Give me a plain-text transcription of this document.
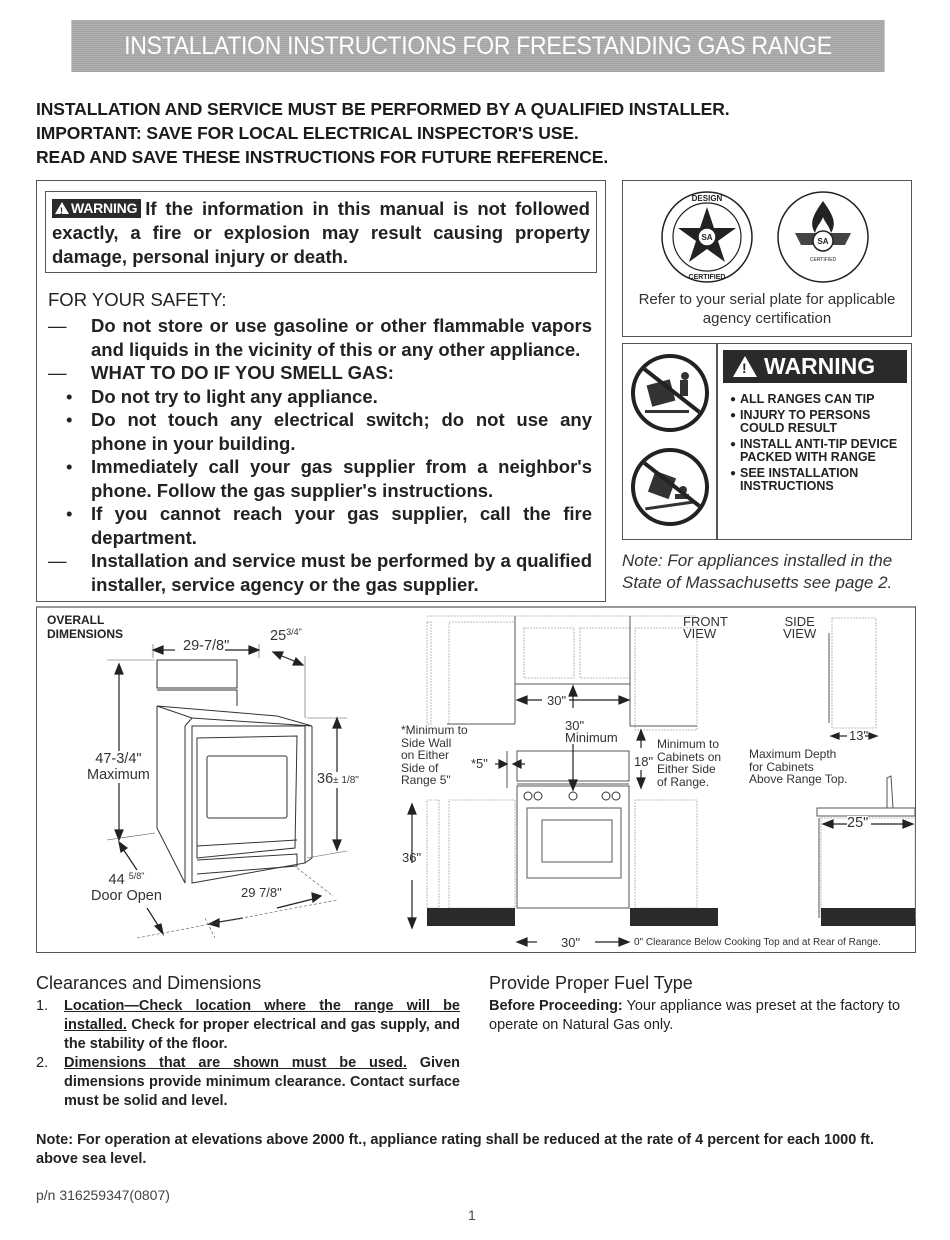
INSTALLATION INSTRUCTIONS FOR FREESTANDING GAS RANGE
INSTALLATION AND SERVICE MUST BE PERFORMED BY A QUALIFIED INSTALLER.
IMPORTANT: SAVE FOR LOCAL ELECTRICAL INSPECTOR'S USE.
READ AND SAVE THESE INSTRUCTIONS FOR FUTURE REFERENCE.
!WARNING If the information in this manual is not followed exactly, a fire or explosion may result causing property damage, personal injury or death.
FOR YOUR SAFETY:
—	Do not store or use gasoline or other flammable vapors and liquids in the vicinity of this or any other appliance.
—	WHAT TO DO IF YOU SMELL GAS:
•	Do not try to light any appliance.
•	Do not touch any electrical switch; do not use any phone in your building.
•	Immediately call your gas supplier from a neighbor's phone. Follow the gas supplier's instructions.
•	If you cannot reach your gas supplier, call the fire department.
—	Installation and service must be performed by a qualified installer, service agency or the gas supplier.
SA
DESIGN
CERTIFIED
SA
CERTIFIED
Refer to your serial plate for applicable agency certification
!
WARNING
● ALL RANGES CAN TIP
● INJURY TO PERSONS COULD RESULT
● INSTALL ANTI-TIP DEVICE PACKED WITH RANGE
● SEE INSTALLATION INSTRUCTIONS
Note: For appliances installed in the State of Massachusetts see page 2.
OVERALL
DIMENSIONS
29-7/8"
$25^{3/4"}$
47-3/4"
Maximum	36± 1/8"
44 $^{5/8"}$
Door Open	29 7/8"
FRONT
VIEW
30"
30"
Minimum
*Minimum to
Side Wall
on Either
Side of
Range 5"
*5"	18"
Minimum to
Cabinets on
Either Side
of Range.
36"
30"	0" Clearance Below Cooking Top and at Rear of Range.
SIDE
VIEW
13"
Maximum Depth
for Cabinets
Above Range Top.
25"
Clearances and Dimensions
1.	Location—Check location where the range will be installed. Check for proper electrical and gas supply, and the stability of the floor.
2.	Dimensions that are shown must be used. Given dimensions provide minimum clearance. Contact surface must be solid and level.
Provide Proper Fuel Type
Before Proceeding: Your appliance was preset at the factory to operate on Natural Gas only.
Note: For operation at elevations above 2000 ft., appliance rating shall be reduced at the rate of 4 percent for each 1000 ft. above sea level.
p/n 316259347(0807)
1
